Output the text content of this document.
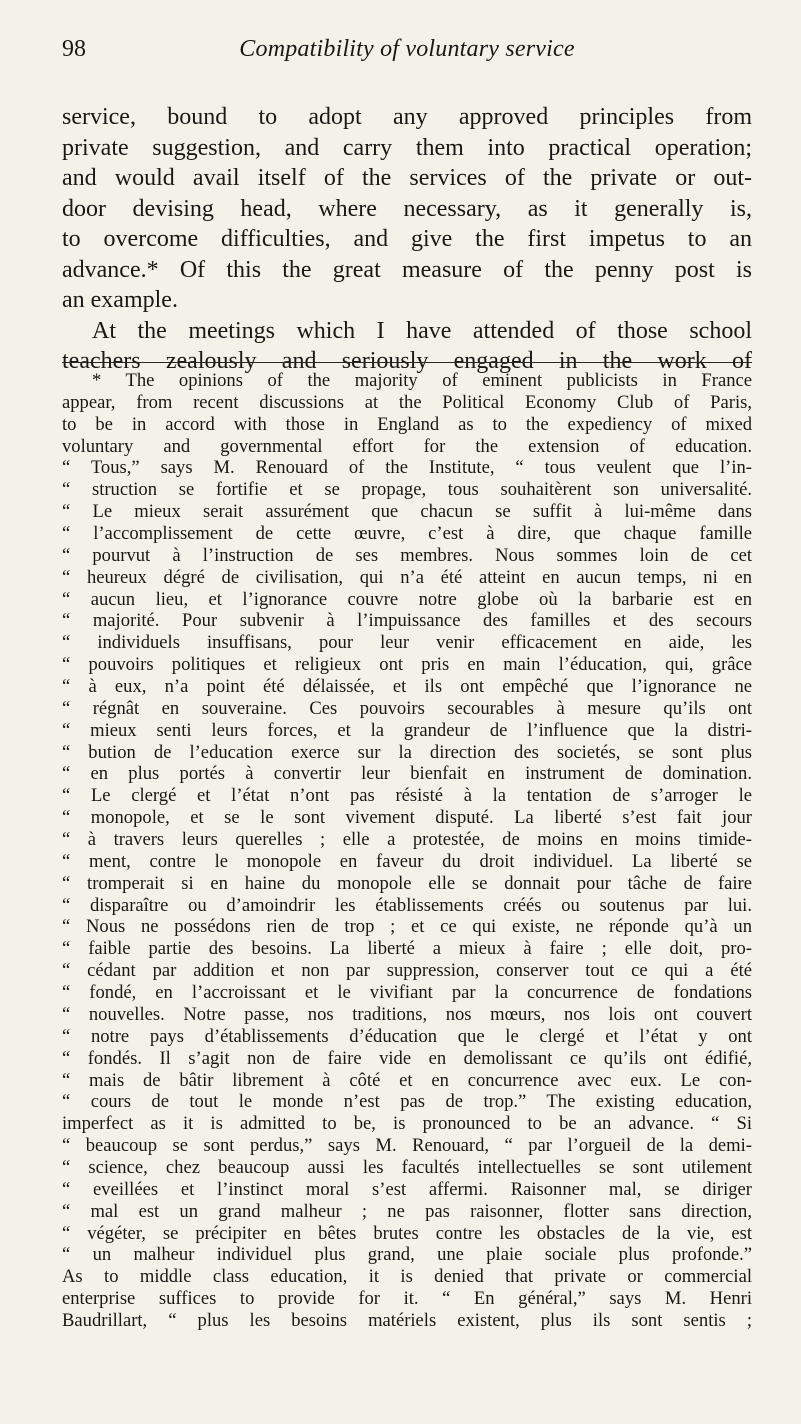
98	Compatibility of voluntary service
service, bound to adopt any approved principles from
private suggestion, and carry them into practical operation;
and would avail itself of the services of the private or out-
door devising head, where necessary, as it generally is,
to overcome difficulties, and give the first impetus to an
advance.* Of this the great measure of the penny post is
an example.
At the meetings which I have attended of those school
teachers zealously and seriously engaged in the work of
* The opinions of the majority of eminent publicists in France
appear, from recent discussions at the Political Economy Club of Paris,
to be in accord with those in England as to the expediency of mixed
voluntary and governmental effort for the extension of education.
“ Tous,” says M. Renouard of the Institute, “ tous veulent que l’in-
“ struction se fortifie et se propage, tous souhaitèrent son universalité.
“ Le mieux serait assurément que chacun se suffit à lui-même dans
“ l’accomplissement de cette œuvre, c’est à dire, que chaque famille
“ pourvut à l’instruction de ses membres. Nous sommes loin de cet
“ heureux dégré de civilisation, qui n’a été atteint en aucun temps, ni en
“ aucun lieu, et l’ignorance couvre notre globe où la barbarie est en
“ majorité. Pour subvenir à l’impuissance des familles et des secours
“ individuels insuffisans, pour leur venir efficacement en aide, les
“ pouvoirs politiques et religieux ont pris en main l’éducation, qui, grâce
“ à eux, n’a point été délaissée, et ils ont empêché que l’ignorance ne
“ régnât en souveraine. Ces pouvoirs secourables à mesure qu’ils ont
“ mieux senti leurs forces, et la grandeur de l’influence que la distri-
“ bution de l’education exerce sur la direction des societés, se sont plus
“ en plus portés à convertir leur bienfait en instrument de domination.
“ Le clergé et l’état n’ont pas résisté à la tentation de s’arroger le
“ monopole, et se le sont vivement disputé. La liberté s’est fait jour
“ à travers leurs querelles ; elle a protestée, de moins en moins timide-
“ ment, contre le monopole en faveur du droit individuel. La liberté se
“ tromperait si en haine du monopole elle se donnait pour tâche de faire
“ disparaître ou d’amoindrir les établissements créés ou soutenus par lui.
“ Nous ne possédons rien de trop ; et ce qui existe, ne réponde qu’à un
“ faible partie des besoins. La liberté a mieux à faire ; elle doit, pro-
“ cédant par addition et non par suppression, conserver tout ce qui a été
“ fondé, en l’accroissant et le vivifiant par la concurrence de fondations
“ nouvelles. Notre passe, nos traditions, nos mœurs, nos lois ont couvert
“ notre pays d’établissements d’éducation que le clergé et l’état y ont
“ fondés. Il s’agit non de faire vide en demolissant ce qu’ils ont édifié,
“ mais de bâtir librement à côté et en concurrence avec eux. Le con-
“ cours de tout le monde n’est pas de trop.” The existing education,
imperfect as it is admitted to be, is pronounced to be an advance. “ Si
“ beaucoup se sont perdus,” says M. Renouard, “ par l’orgueil de la demi-
“ science, chez beaucoup aussi les facultés intellectuelles se sont utilement
“ eveillées et l’instinct moral s’est affermi. Raisonner mal, se diriger
“ mal est un grand malheur ; ne pas raisonner, flotter sans direction,
“ végéter, se précipiter en bêtes brutes contre les obstacles de la vie, est
“ un malheur individuel plus grand, une plaie sociale plus profonde.”
As to middle class education, it is denied that private or commercial
enterprise suffices to provide for it. “ En général,” says M. Henri
Baudrillart, “ plus les besoins matériels existent, plus ils sont sentis ;
